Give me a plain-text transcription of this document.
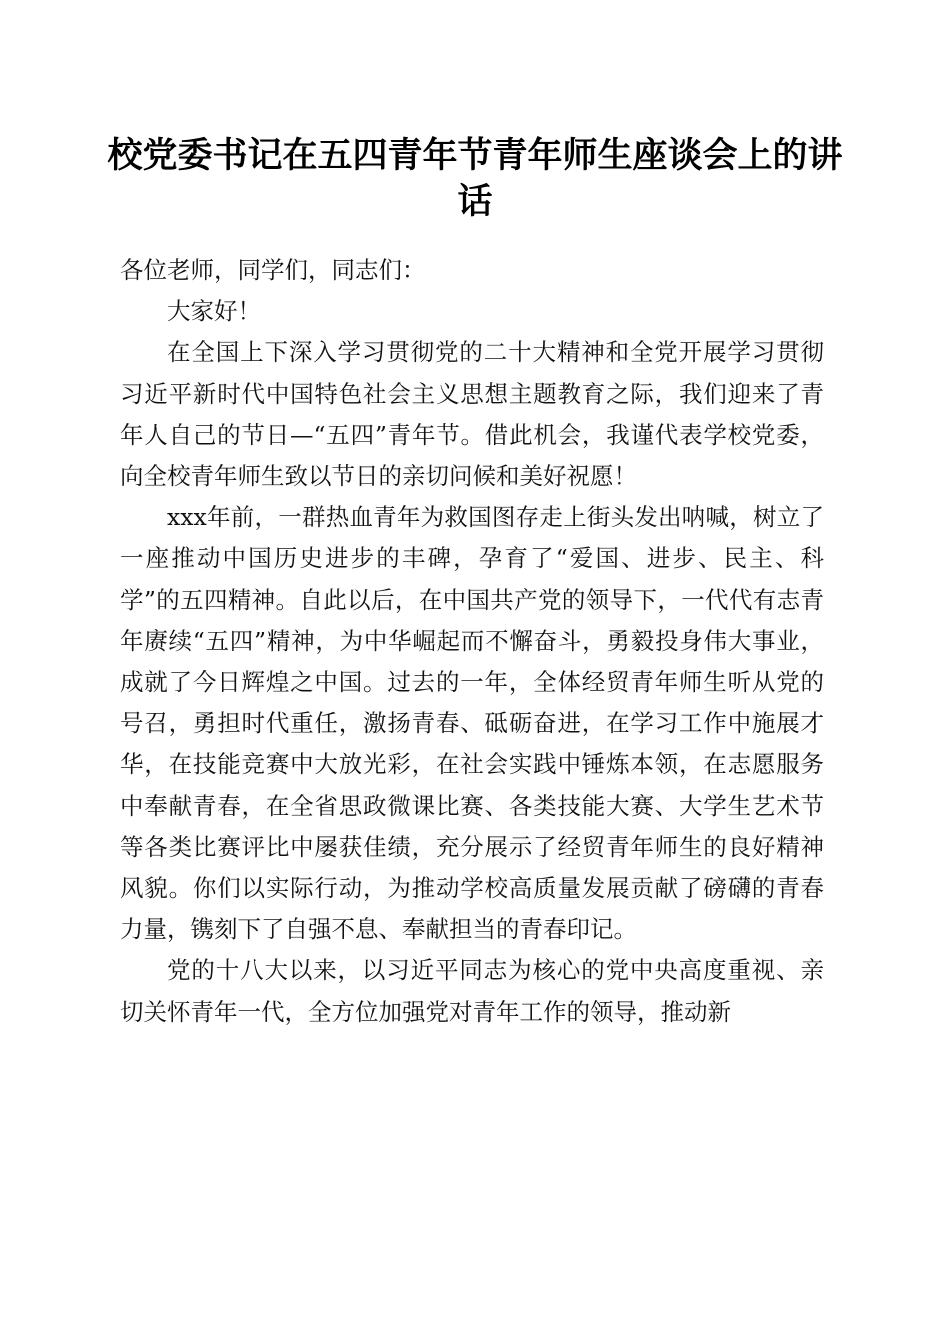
校党委书记在五四青年节青年师生座谈会上的讲话

各位老师，同学们，同志们：

大家好！

在全国上下深入学习贯彻党的二十大精神和全党开展学习贯彻习近平新时代中国特色社会主义思想主题教育之际，我们迎来了青年人自己的节日—“五四”青年节。借此机会，我谨代表学校党委，向全校青年师生致以节日的亲切问候和美好祝愿！

xxx年前，一群热血青年为救国图存走上街头发出呐喊，树立了一座推动中国历史进步的丰碑，孕育了“爱国、进步、民主、科学”的五四精神。自此以后，在中国共产党的领导下，一代代有志青年赓续“五四”精神，为中华崛起而不懈奋斗，勇毅投身伟大事业，成就了今日辉煌之中国。过去的一年，全体经贸青年师生听从党的号召，勇担时代重任，激扬青春、砥砺奋进，在学习工作中施展才华，在技能竞赛中大放光彩，在社会实践中锤炼本领，在志愿服务中奉献青春，在全省思政微课比赛、各类技能大赛、大学生艺术节等各类比赛评比中屡获佳绩，充分展示了经贸青年师生的良好精神风貌。你们以实际行动，为推动学校高质量发展贡献了磅礴的青春力量，镌刻下了自强不息、奉献担当的青春印记。

党的十八大以来，以习近平同志为核心的党中央高度重视、亲切关怀青年一代，全方位加强党对青年工作的领导，推动新
